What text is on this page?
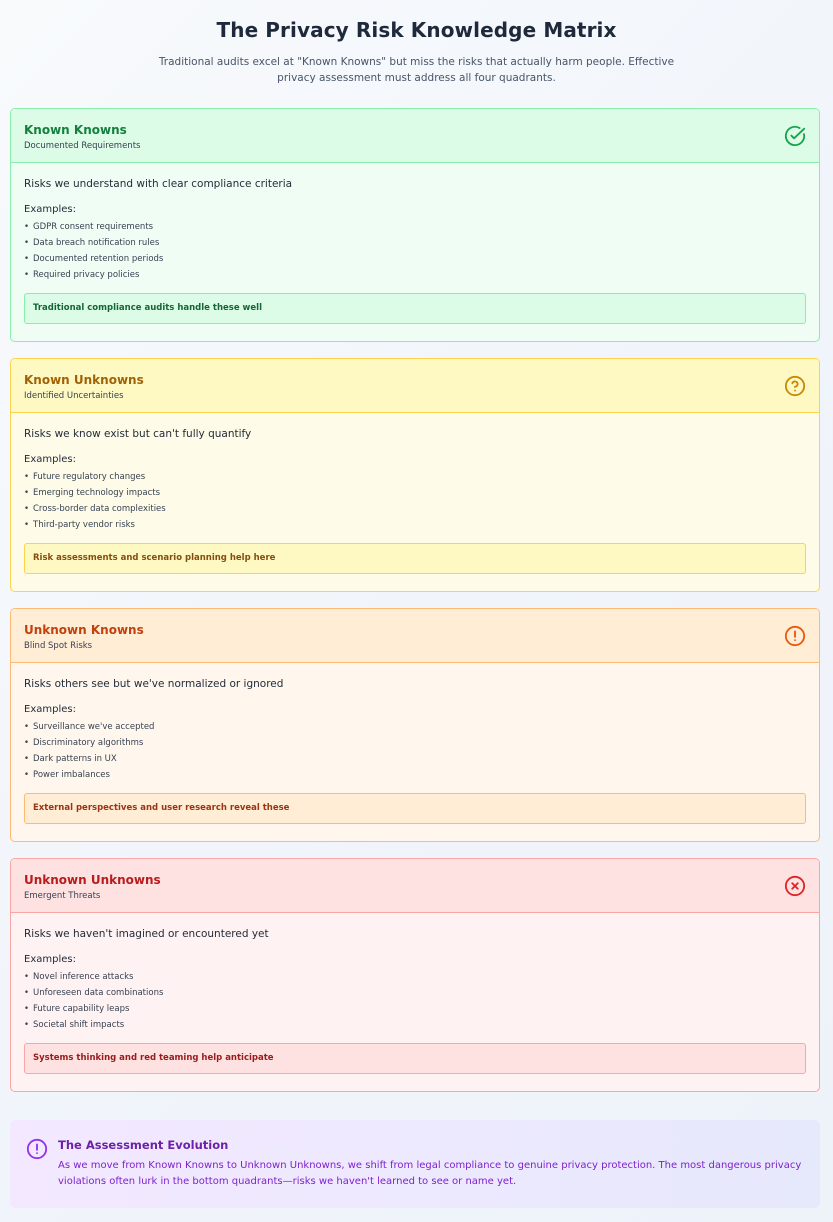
The Privacy Risk Knowledge Matrix

Traditional audits excel at "Known Knowns" but miss the risks that actually harm people. Effective privacy assessment must address all four quadrants.

Known Knowns
Documented Requirements
Risks we understand with clear compliance criteria
Examples:
• GDPR consent requirements
• Data breach notification rules
• Documented retention periods
• Required privacy policies
Traditional compliance audits handle these well
Known Unknowns
Identified Uncertainties
Risks we know exist but can't fully quantify
Examples:
• Future regulatory changes
• Emerging technology impacts
• Cross-border data complexities
• Third-party vendor risks
Risk assessments and scenario planning help here
Unknown Knowns
Blind Spot Risks
Risks others see but we've normalized or ignored
Examples:
• Surveillance we've accepted
• Discriminatory algorithms
• Dark patterns in UX
• Power imbalances
External perspectives and user research reveal these
Unknown Unknowns
Emergent Threats
Risks we haven't imagined or encountered yet
Examples:
• Novel inference attacks
• Unforeseen data combinations
• Future capability leaps
• Societal shift impacts
Systems thinking and red teaming help anticipate
The Assessment Evolution

As we move from Known Knowns to Unknown Unknowns, we shift from legal compliance to genuine privacy protection. The most dangerous privacy violations often lurk in the bottom quadrants—risks we haven't learned to see or name yet.
